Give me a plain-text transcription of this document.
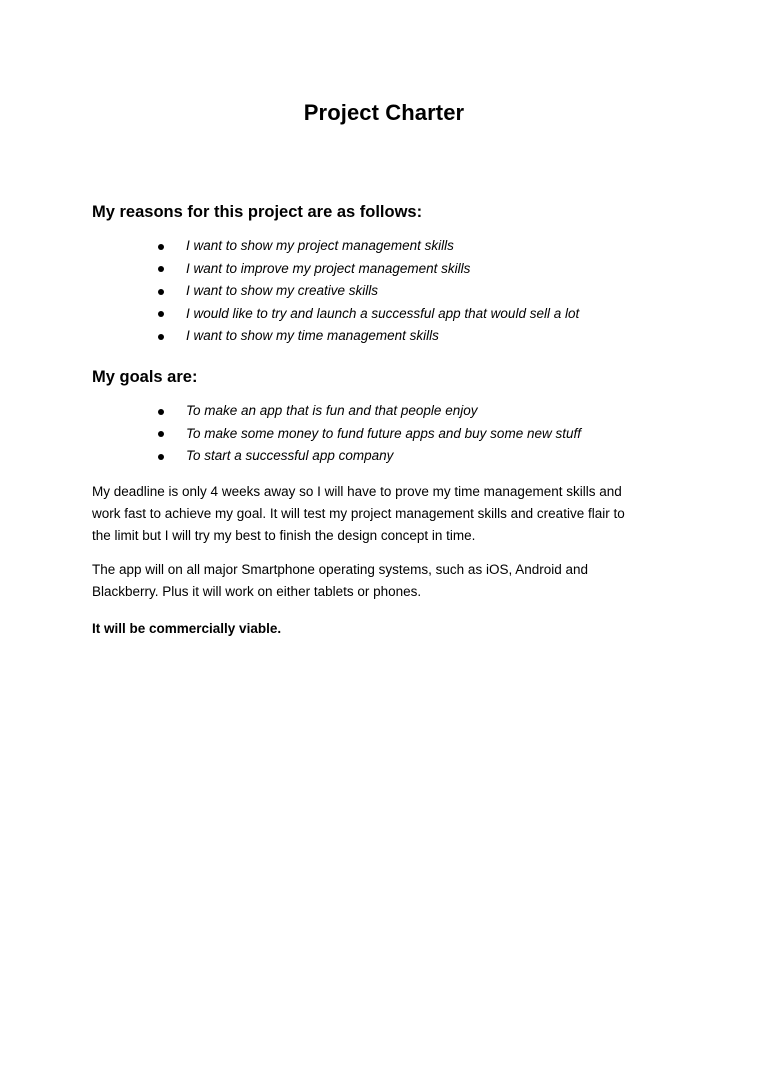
Project Charter
My reasons for this project are as follows:
I want to show my project management skills
I want to improve my project management skills
I want to show my creative skills
I would like to try and launch a successful app that would sell a lot
I want to show my time management skills
My goals are:
To make an app that is fun and that people enjoy
To make some money to fund future apps and buy some new stuff
To start a successful app company

My deadline is only 4 weeks away so I will have to prove my time management skills and
work fast to achieve my goal. It will test my project management skills and creative flair to
the limit but I will try my best to finish the design concept in time.

The app will on all major Smartphone operating systems, such as iOS, Android and
Blackberry. Plus it will work on either tablets or phones.

It will be commercially viable.
